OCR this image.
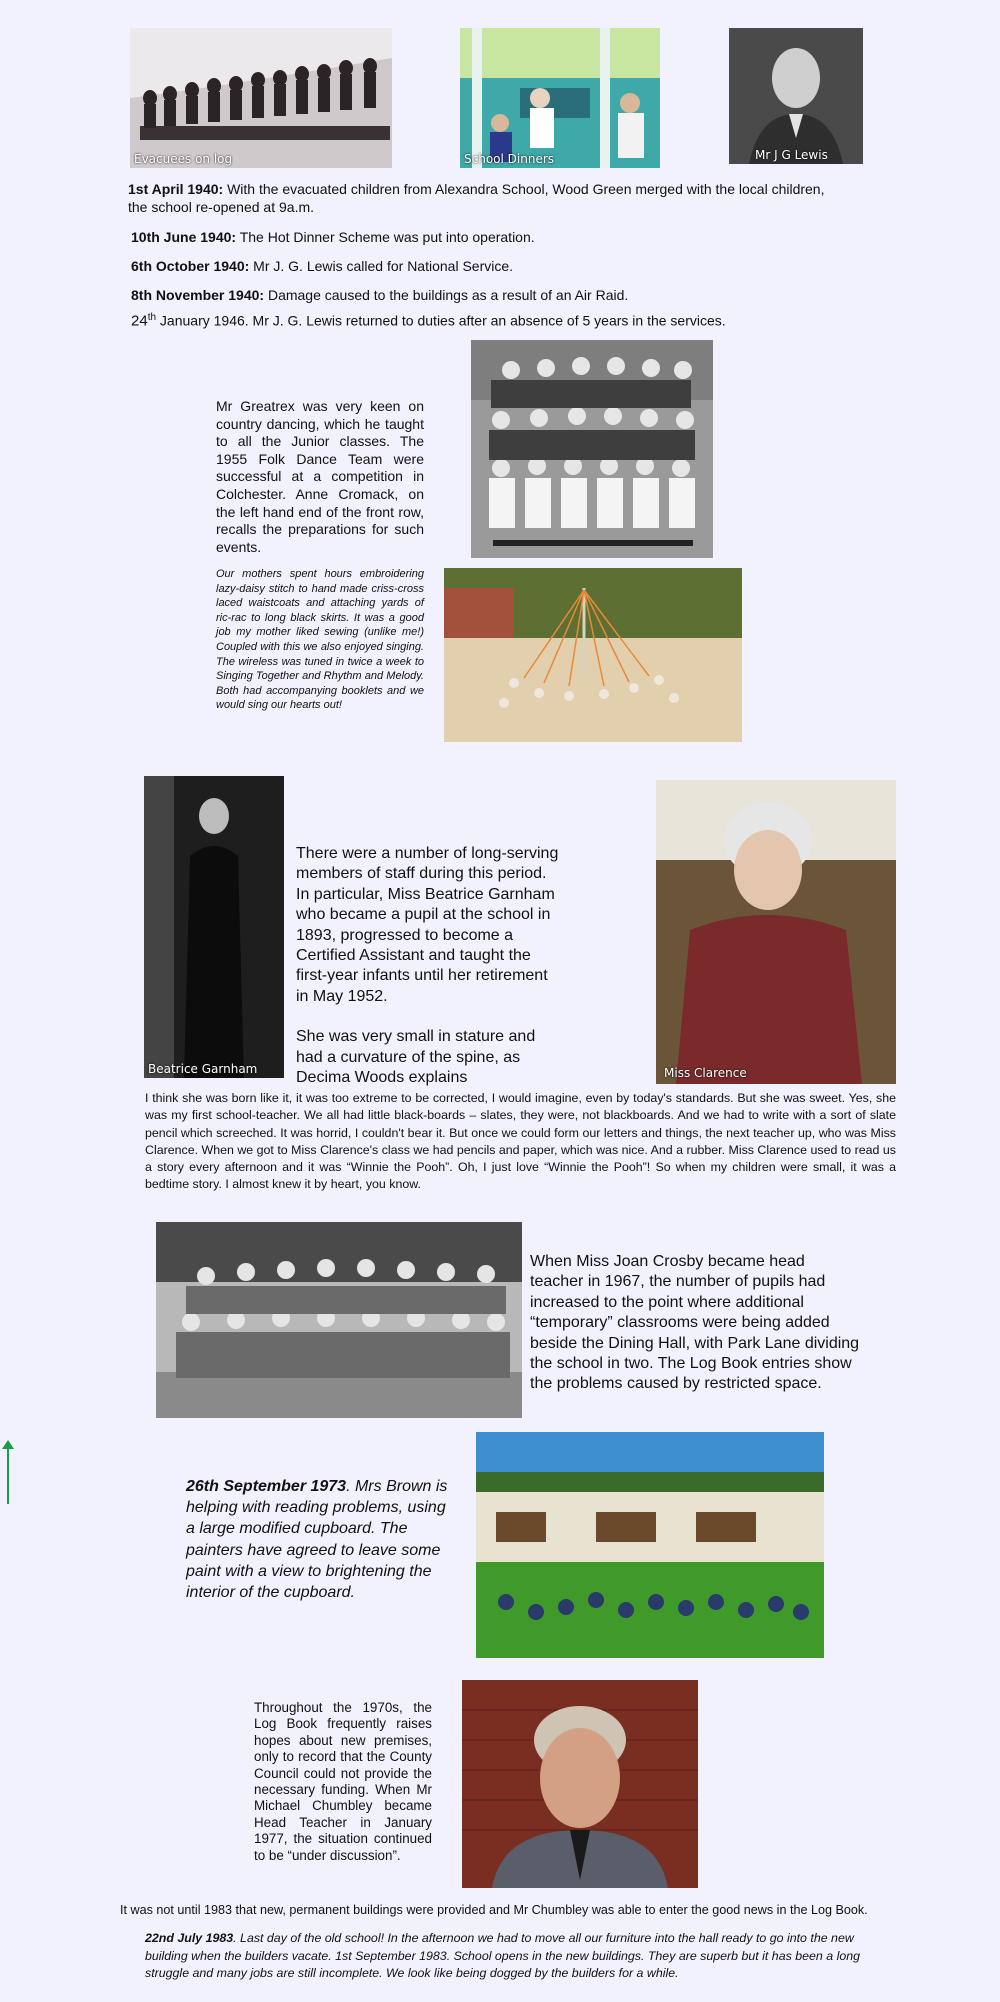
Evacuees on log	School Dinners	Mr J G Lewis
1st April 1940: With the evacuated children from Alexandra School, Wood Green merged with the local children, the school re-opened at 9a.m.
10th June 1940: The Hot Dinner Scheme was put into operation.
6th October 1940: Mr J. G. Lewis called for National Service.
8th November 1940: Damage caused to the buildings as a result of an Air Raid.
24th January 1946. Mr J. G. Lewis returned to duties after an absence of 5 years in the services.
Mr Greatrex was very keen on country dancing, which he taught to all the Junior classes. The 1955 Folk Dance Team were successful at a competition in Colchester. Anne Cromack, on the left hand end of the front row, recalls the preparations for such events.
Our mothers spent hours embroidering lazy-daisy stitch to hand made criss-cross laced waistcoats and attaching yards of ric-rac to long black skirts. It was a good job my mother liked sewing (unlike me!) Coupled with this we also enjoyed singing. The wireless was tuned in twice a week to Singing Together and Rhythm and Melody. Both had accompanying booklets and we would sing our hearts out!
Beatrice Garnham
There were a number of long-serving members of staff during this period. In particular, Miss Beatrice Garnham who became a pupil at the school in 1893, progressed to become a Certified Assistant and taught the first-year infants until her retirement in May 1952.
She was very small in stature and had a curvature of the spine, as Decima Woods explains	Miss Clarence
I think she was born like it, it was too extreme to be corrected, I would imagine, even by today's standards. But she was sweet. Yes, she was my first school-teacher. We all had little black-boards – slates, they were, not blackboards. And we had to write with a sort of slate pencil which screeched. It was horrid, I couldn't bear it. But once we could form our letters and things, the next teacher up, who was Miss Clarence. When we got to Miss Clarence's class we had pencils and paper, which was nice. And a rubber. Miss Clarence used to read us a story every afternoon and it was “Winnie the Pooh”. Oh, I just love “Winnie the Pooh”! So when my children were small, it was a bedtime story. I almost knew it by heart, you know.
When Miss Joan Crosby became head teacher in 1967, the number of pupils had increased to the point where additional “temporary” classrooms were being added beside the Dining Hall, with Park Lane dividing the school in two. The Log Book entries show the problems caused by restricted space.
26th September 1973. Mrs Brown is helping with reading problems, using a large modified cupboard. The painters have agreed to leave some paint with a view to brightening the interior of the cupboard.
Throughout the 1970s, the Log Book frequently raises hopes about new premises, only to record that the County Council could not provide the necessary funding. When Mr Michael Chumbley became Head Teacher in January 1977, the situation continued to be “under discussion”.
It was not until 1983 that new, permanent buildings were provided and Mr Chumbley was able to enter the good news in the Log Book.
22nd July 1983. Last day of the old school! In the afternoon we had to move all our furniture into the hall ready to go into the new building when the builders vacate. 1st September 1983. School opens in the new buildings. They are superb but it has been a long struggle and many jobs are still incomplete. We look like being dogged by the builders for a while.
